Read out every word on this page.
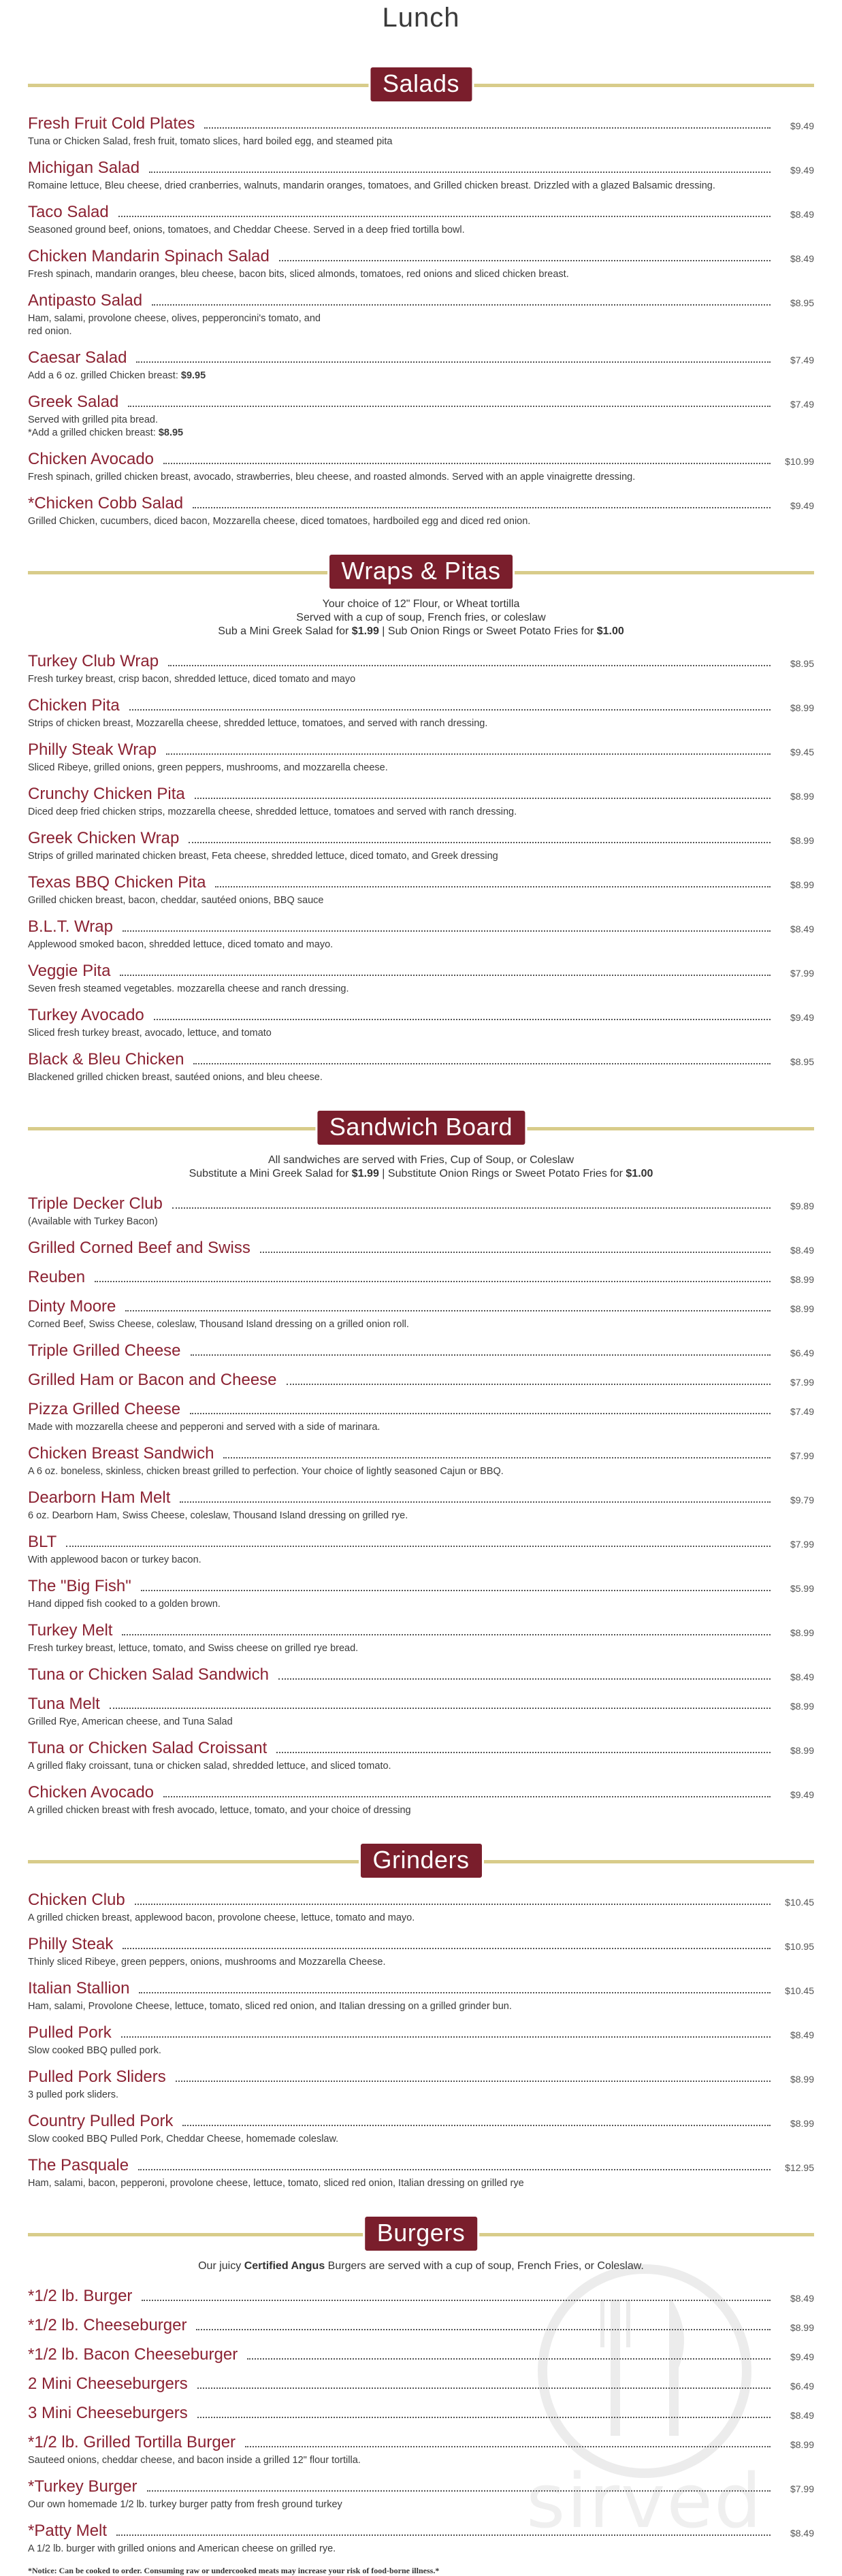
Lunch
Salads
Fresh Fruit Cold Plates	$9.49
Tuna or Chicken Salad, fresh fruit, tomato slices, hard boiled egg, and steamed pita
Michigan Salad	$9.49
Romaine lettuce, Bleu cheese, dried cranberries, walnuts, mandarin oranges, tomatoes, and Grilled chicken breast. Drizzled with a glazed Balsamic dressing.
Taco Salad	$8.49
Seasoned ground beef, onions, tomatoes, and Cheddar Cheese. Served in a deep fried tortilla bowl.
Chicken Mandarin Spinach Salad	$8.49
Fresh spinach, mandarin oranges, bleu cheese, bacon bits, sliced almonds, tomatoes, red onions and sliced chicken breast.
Antipasto Salad	$8.95
Ham, salami, provolone cheese, olives, pepperoncini's tomato, and
red onion.
Caesar Salad	$7.49
Add a 6 oz. grilled Chicken breast: $9.95
Greek Salad	$7.49
Served with grilled pita bread.
*Add a grilled chicken breast: $8.95
Chicken Avocado	$10.99
Fresh spinach, grilled chicken breast, avocado, strawberries, bleu cheese, and roasted almonds. Served with an apple vinaigrette dressing.
*Chicken Cobb Salad	$9.49
Grilled Chicken, cucumbers, diced bacon, Mozzarella cheese, diced tomatoes, hardboiled egg and diced red onion.
Wraps & Pitas
Your choice of 12" Flour, or Wheat tortilla
Served with a cup of soup, French fries, or coleslaw
Sub a Mini Greek Salad for $1.99 | Sub Onion Rings or Sweet Potato Fries for $1.00
Turkey Club Wrap	$8.95
Fresh turkey breast, crisp bacon, shredded lettuce, diced tomato and mayo
Chicken Pita	$8.99
Strips of chicken breast, Mozzarella cheese, shredded lettuce, tomatoes, and served with ranch dressing.
Philly Steak Wrap	$9.45
Sliced Ribeye, grilled onions, green peppers, mushrooms, and mozzarella cheese.
Crunchy Chicken Pita	$8.99
Diced deep fried chicken strips, mozzarella cheese, shredded lettuce, tomatoes and served with ranch dressing.
Greek Chicken Wrap	$8.99
Strips of grilled marinated chicken breast, Feta cheese, shredded lettuce, diced tomato, and Greek dressing
Texas BBQ Chicken Pita	$8.99
Grilled chicken breast, bacon, cheddar, sautéed onions, BBQ sauce
B.L.T. Wrap	$8.49
Applewood smoked bacon, shredded lettuce, diced tomato and mayo.
Veggie Pita	$7.99
Seven fresh steamed vegetables. mozzarella cheese and ranch dressing.
Turkey Avocado	$9.49
Sliced fresh turkey breast, avocado, lettuce, and tomato
Black & Bleu Chicken	$8.95
Blackened grilled chicken breast, sautéed onions, and bleu cheese.
Sandwich Board
All sandwiches are served with Fries, Cup of Soup, or Coleslaw
Substitute a Mini Greek Salad for $1.99 | Substitute Onion Rings or Sweet Potato Fries for $1.00
Triple Decker Club	$9.89
(Available with Turkey Bacon)
Grilled Corned Beef and Swiss	$8.49
Reuben	$8.99
Dinty Moore	$8.99
Corned Beef, Swiss Cheese, coleslaw, Thousand Island dressing on a grilled onion roll.
Triple Grilled Cheese	$6.49
Grilled Ham or Bacon and Cheese	$7.99
Pizza Grilled Cheese	$7.49
Made with mozzarella cheese and pepperoni and served with a side of marinara.
Chicken Breast Sandwich	$7.99
A 6 oz. boneless, skinless, chicken breast grilled to perfection. Your choice of lightly seasoned Cajun or BBQ.
Dearborn Ham Melt	$9.79
6 oz. Dearborn Ham, Swiss Cheese, coleslaw, Thousand Island dressing on grilled rye.
BLT	$7.99
With applewood bacon or turkey bacon.
The "Big Fish"	$5.99
Hand dipped fish cooked to a golden brown.
Turkey Melt	$8.99
Fresh turkey breast, lettuce, tomato, and Swiss cheese on grilled rye bread.
Tuna or Chicken Salad Sandwich	$8.49
Tuna Melt	$8.99
Grilled Rye, American cheese, and Tuna Salad
Tuna or Chicken Salad Croissant	$8.99
A grilled flaky croissant, tuna or chicken salad, shredded lettuce, and sliced tomato.
Chicken Avocado	$9.49
A grilled chicken breast with fresh avocado, lettuce, tomato, and your choice of dressing
Grinders
Chicken Club	$10.45
A grilled chicken breast, applewood bacon, provolone cheese, lettuce, tomato and mayo.
Philly Steak	$10.95
Thinly sliced Ribeye, green peppers, onions, mushrooms and Mozzarella Cheese.
Italian Stallion	$10.45
Ham, salami, Provolone Cheese, lettuce, tomato, sliced red onion, and Italian dressing on a grilled grinder bun.
Pulled Pork	$8.49
Slow cooked BBQ pulled pork.
Pulled Pork Sliders	$8.99
3 pulled pork sliders.
Country Pulled Pork	$8.99
Slow cooked BBQ Pulled Pork, Cheddar Cheese, homemade coleslaw.
The Pasquale	$12.95
Ham, salami, bacon, pepperoni, provolone cheese, lettuce, tomato, sliced red onion, Italian dressing on grilled rye
Burgers
Our juicy Certified Angus Burgers are served with a cup of soup, French Fries, or Coleslaw.
*1/2 lb. Burger	$8.49
*1/2 lb. Cheeseburger	$8.99
*1/2 lb. Bacon Cheeseburger	$9.49
2 Mini Cheeseburgers	$6.49
3 Mini Cheeseburgers	$8.49
*1/2 lb. Grilled Tortilla Burger	$8.99
Sauteed onions, cheddar cheese, and bacon inside a grilled 12" flour tortilla.
*Turkey Burger	$7.99
Our own homemade 1/2 lb. turkey burger patty from fresh ground turkey
*Patty Melt	$8.49
A 1/2 lb. burger with grilled onions and American cheese on grilled rye.
*Notice: Can be cooked to order. Consuming raw or undercooked meats may increase your risk of food-borne illness.*
sirved
